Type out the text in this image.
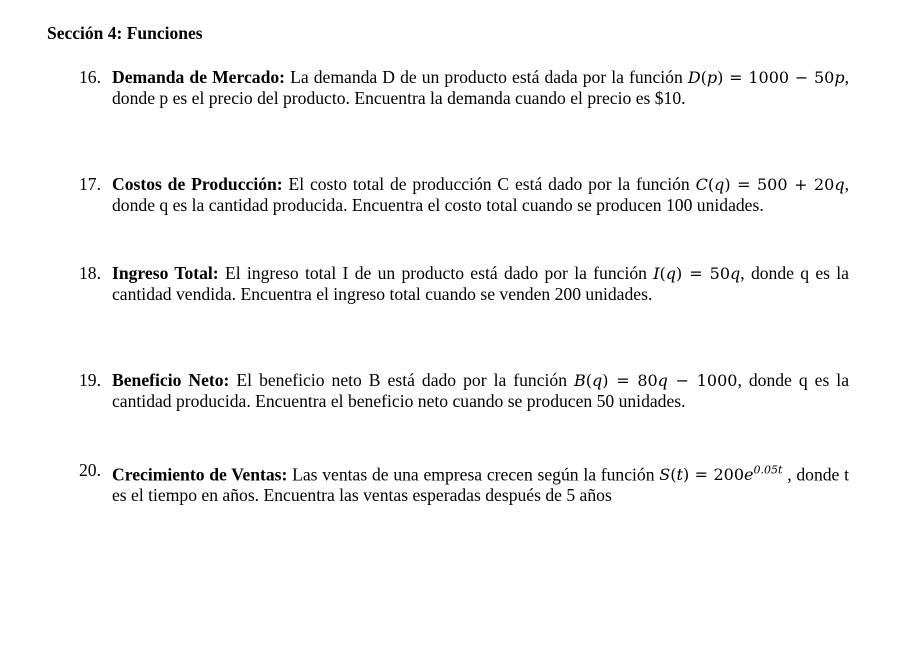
Sección 4: Funciones
16. Demanda de Mercado: La demanda D de un producto está dada por la función D(p) = 1000 − 50p, donde p es el precio del producto. Encuentra la demanda cuando el precio es $10.
17. Costos de Producción: El costo total de producción C está dado por la función C(q) = 500 + 20q, donde q es la cantidad producida. Encuentra el costo total cuando se producen 100 unidades.
18. Ingreso Total: El ingreso total I de un producto está dado por la función I(q) = 50q, donde q es la cantidad vendida. Encuentra el ingreso total cuando se venden 200 unidades.
19. Beneficio Neto: El beneficio neto B está dado por la función B(q) = 80q − 1000, donde q es la cantidad producida. Encuentra el beneficio neto cuando se producen 50 unidades.
20. Crecimiento de Ventas: Las ventas de una empresa crecen según la función $S(t) = 200e^{0.05t}$ , donde t es el tiempo en años. Encuentra las ventas esperadas después de 5 años
